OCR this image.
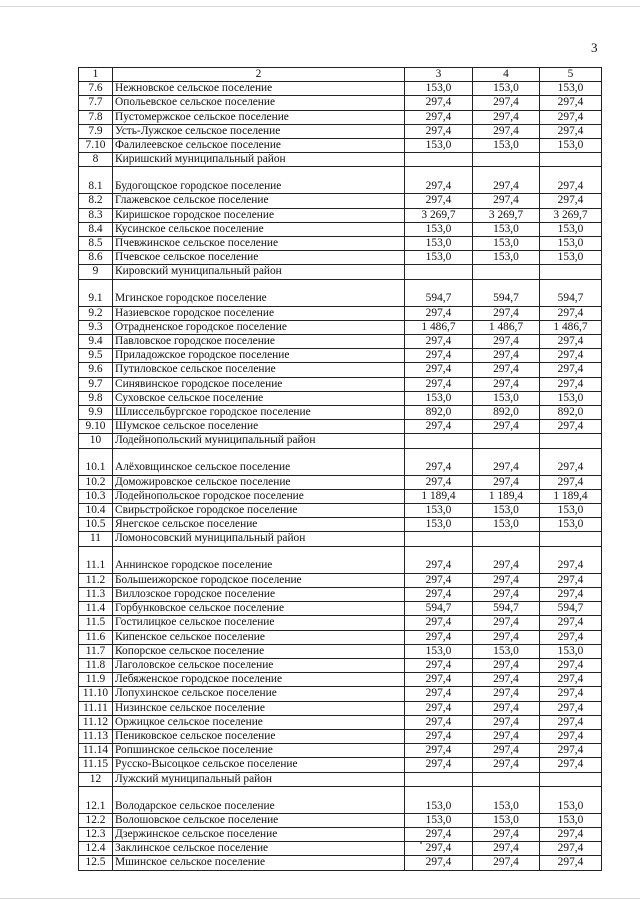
3
1	2	3	4	5
7.6	Нежновское сельское поселение	153,0	153,0	153,0
7.7	Опольевское сельское поселение	297,4	297,4	297,4
7.8	Пустомержское сельское поселение	297,4	297,4	297,4
7.9	Усть-Лужское сельское поселение	297,4	297,4	297,4
7.10	Фалилеевское сельское поселение	153,0	153,0	153,0
8	Киришский муниципальный район			
8.1	Будогощское городское поселение	297,4	297,4	297,4
8.2	Глажевское сельское поселение	297,4	297,4	297,4
8.3	Киришское городское поселение	3 269,7	3 269,7	3 269,7
8.4	Кусинское сельское поселение	153,0	153,0	153,0
8.5	Пчевжинское сельское поселение	153,0	153,0	153,0
8.6	Пчевское сельское поселение	153,0	153,0	153,0
9	Кировский муниципальный район			
9.1	Мгинское городское поселение	594,7	594,7	594,7
9.2	Назиевское городское поселение	297,4	297,4	297,4
9.3	Отрадненское городское поселение	1 486,7	1 486,7	1 486,7
9.4	Павловское городское поселение	297,4	297,4	297,4
9.5	Приладожское городское поселение	297,4	297,4	297,4
9.6	Путиловское сельское поселение	297,4	297,4	297,4
9.7	Синявинское городское поселение	297,4	297,4	297,4
9.8	Суховское сельское поселение	153,0	153,0	153,0
9.9	Шлиссельбургское городское поселение	892,0	892,0	892,0
9.10	Шумское сельское поселение	297,4	297,4	297,4
10	Лодейнопольский муниципальный район			
10.1	Алёховщинское сельское поселение	297,4	297,4	297,4
10.2	Доможировское сельское поселение	297,4	297,4	297,4
10.3	Лодейнопольское городское поселение	1 189,4	1 189,4	1 189,4
10.4	Свирьстройское городское поселение	153,0	153,0	153,0
10.5	Янегское сельское поселение	153,0	153,0	153,0
11	Ломоносовский муниципальный район			
11.1	Аннинское городское поселение	297,4	297,4	297,4
11.2	Большеижорское городское поселение	297,4	297,4	297,4
11.3	Виллозское городское поселение	297,4	297,4	297,4
11.4	Горбунковское сельское поселение	594,7	594,7	594,7
11.5	Гостилицкое сельское поселение	297,4	297,4	297,4
11.6	Кипенское сельское поселение	297,4	297,4	297,4
11.7	Копорское сельское поселение	153,0	153,0	153,0
11.8	Лаголовское сельское поселение	297,4	297,4	297,4
11.9	Лебяженское городское поселение	297,4	297,4	297,4
11.10	Лопухинское сельское поселение	297,4	297,4	297,4
11.11	Низинское сельское поселение	297,4	297,4	297,4
11.12	Оржицкое сельское поселение	297,4	297,4	297,4
11.13	Пениковское сельское поселение	297,4	297,4	297,4
11.14	Ропшинское сельское поселение	297,4	297,4	297,4
11.15	Русско-Высоцкое сельское поселение	297,4	297,4	297,4
12	Лужский муниципальный район			
12.1	Володарское сельское поселение	153,0	153,0	153,0
12.2	Волошовское сельское поселение	153,0	153,0	153,0
12.3	Дзержинское сельское поселение	297,4	297,4	297,4
12.4	Заклинское сельское поселение	297,4	297,4	297,4
12.5	Мшинское сельское поселение	297,4	297,4	297,4
